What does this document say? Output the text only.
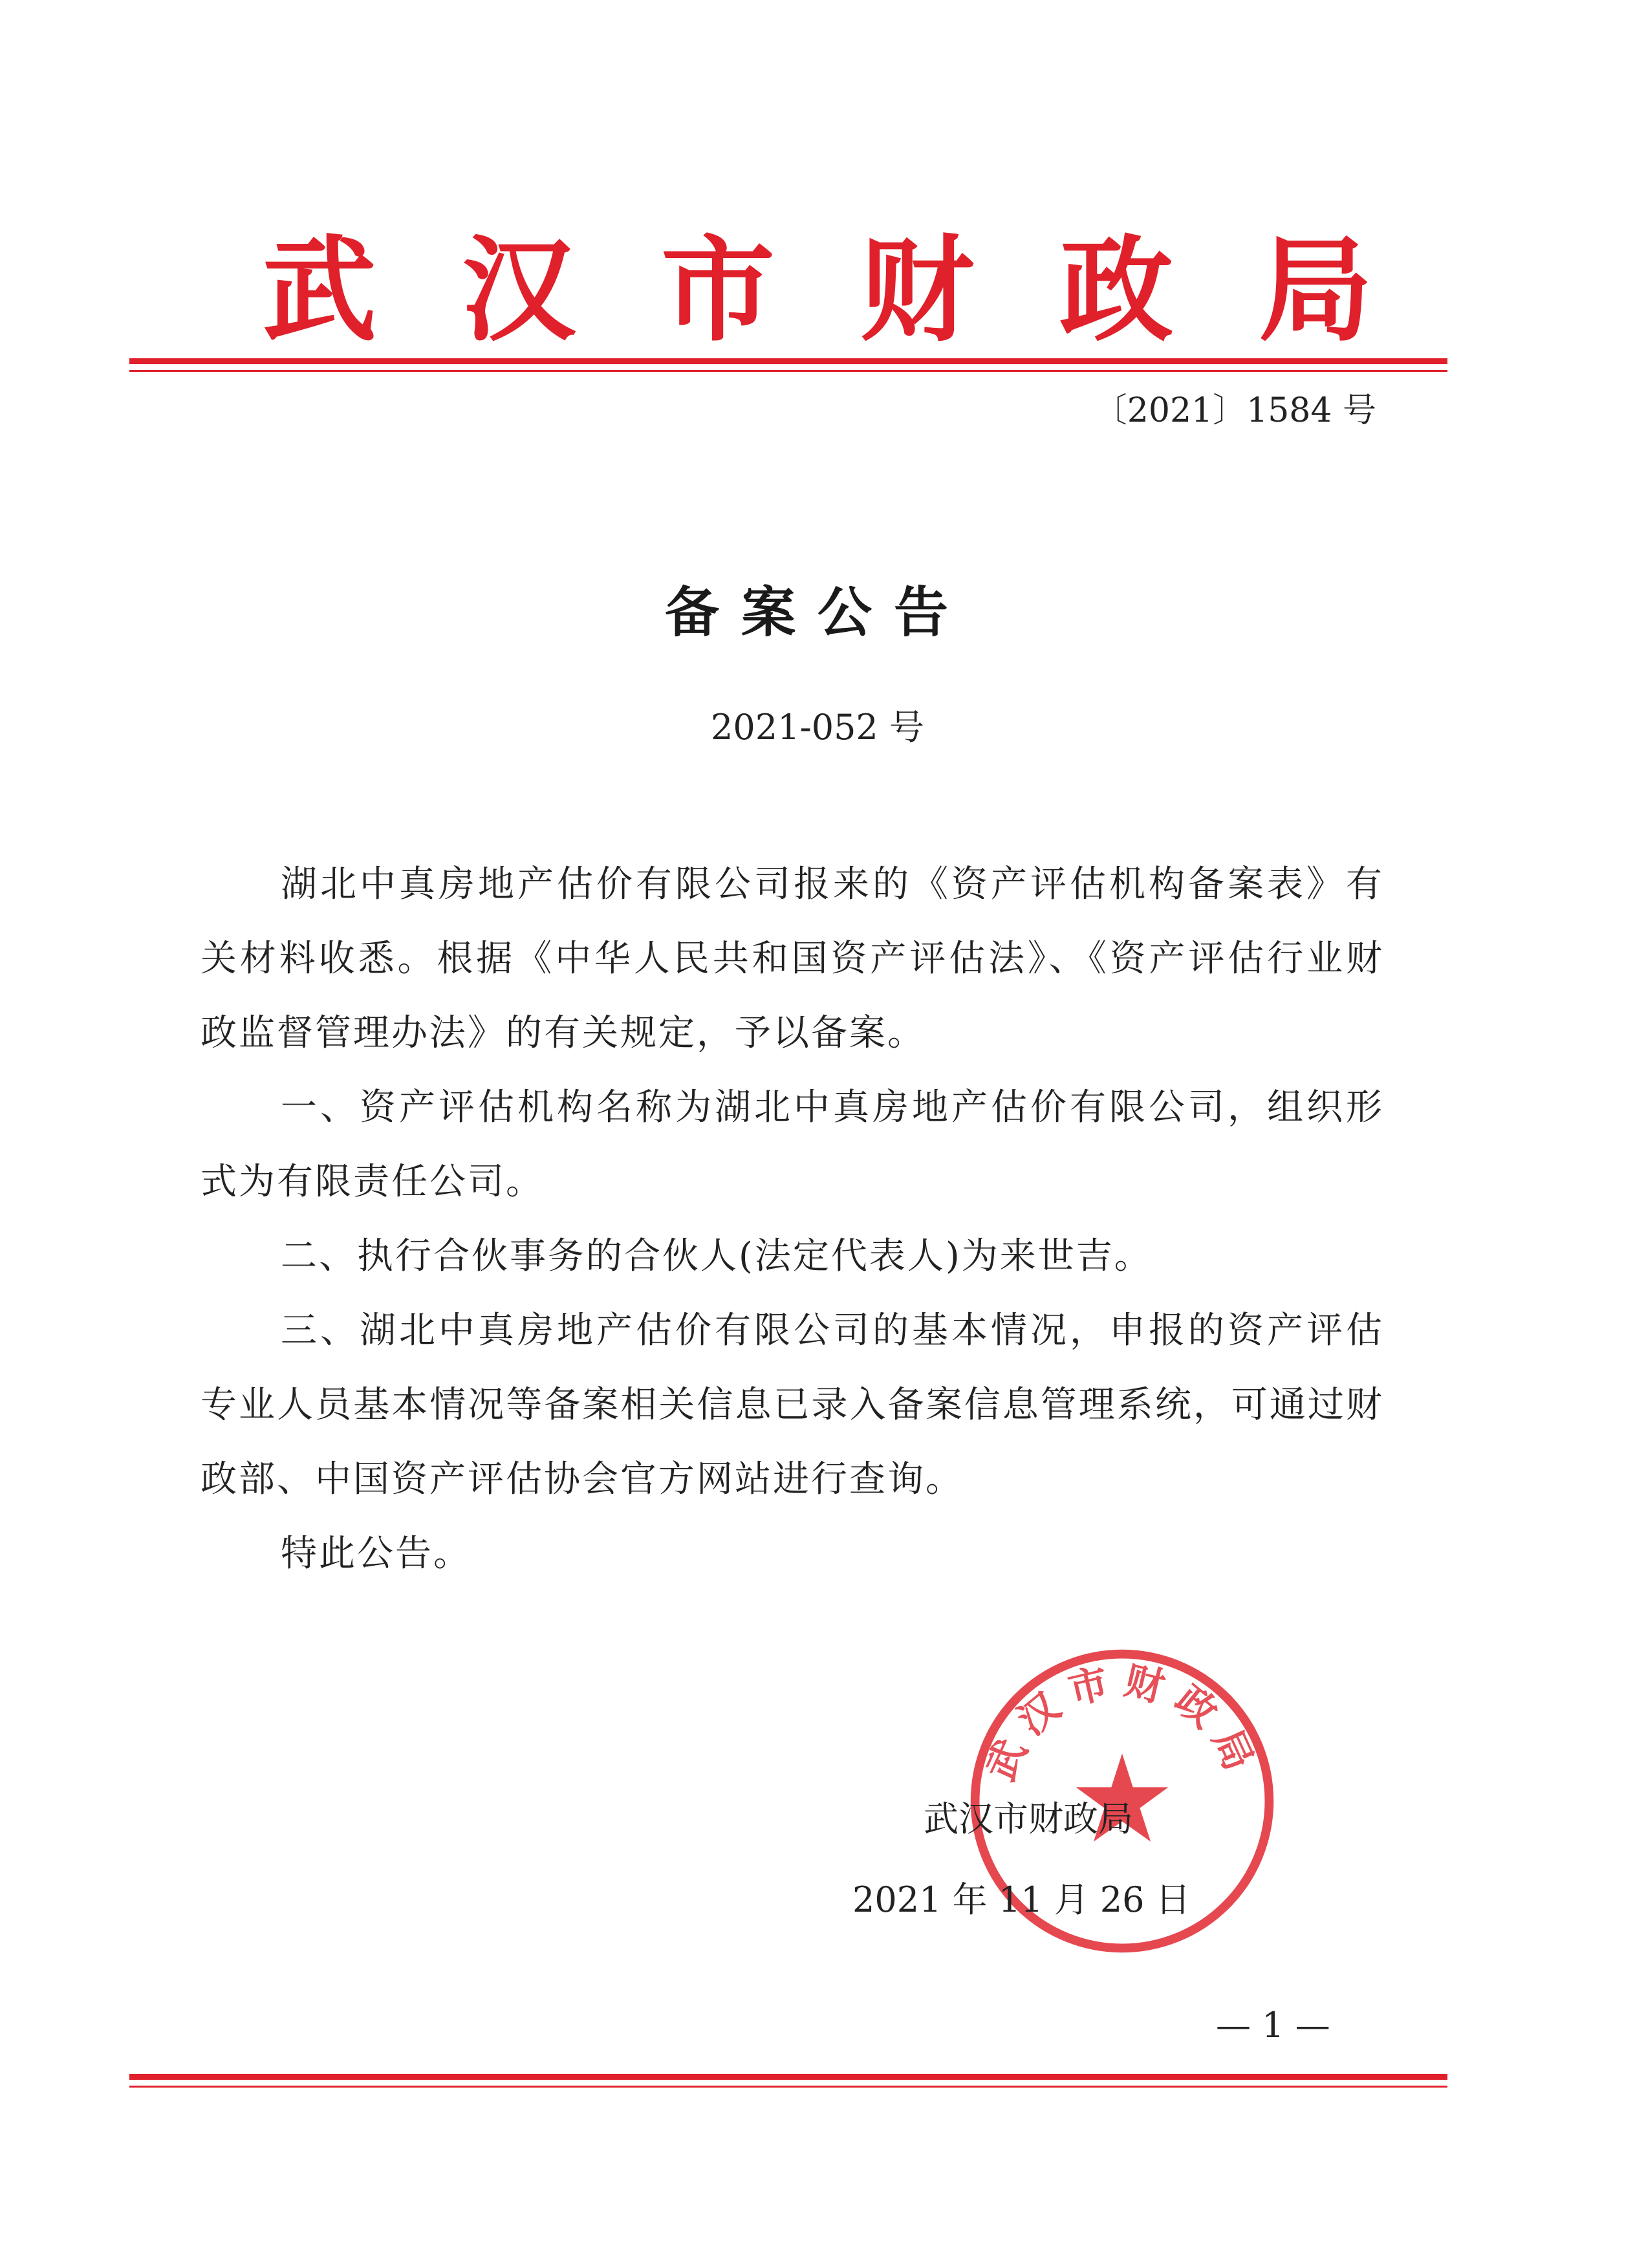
武 汉 市 财 政 局
〔2021〕1584 号
备案公告
2021-052 号

湖北中真房地产估价有限公司报来的《资产评估机构备案表》有关材料收悉。根据《中华人民共和国资产评估法》、《资产评估行业财政监督管理办法》的有关规定，予以备案。

一、资产评估机构名称为湖北中真房地产估价有限公司，组织形式为有限责任公司。

二、执行合伙事务的合伙人(法定代表人)为来世吉。

三、湖北中真房地产估价有限公司的基本情况，申报的资产评估专业人员基本情况等备案相关信息已录入备案信息管理系统，可通过财政部、中国资产评估协会官方网站进行查询。

特此公告。

武汉市财政局
武汉市财政局
2021 年 11 月 26 日
— 1 —
